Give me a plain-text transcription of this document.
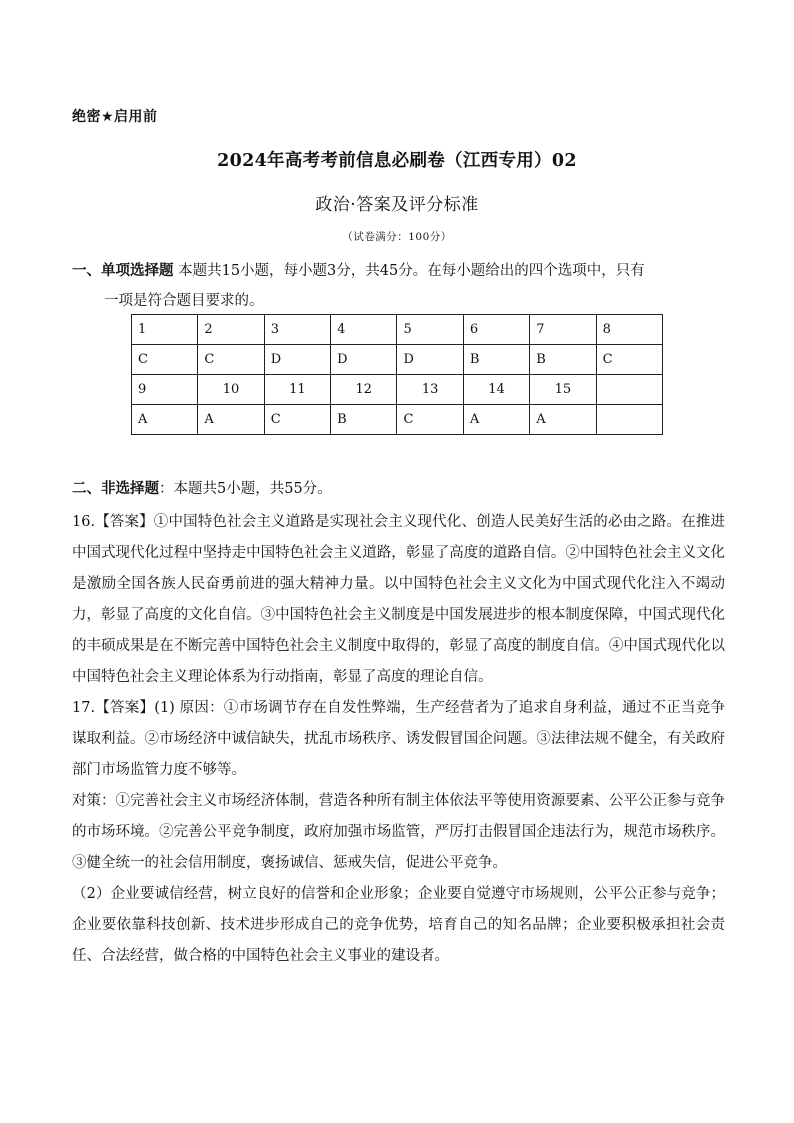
绝密★启用前
2024年高考考前信息必刷卷（江西专用）02
政治·答案及评分标准
（试卷满分：100分）
一、单项选择题 本题共15小题，每小题3分，共45分。在每小题给出的四个选项中，只有
一项是符合题目要求的。
1	2	3	4	5	6	7	8
C	C	D	D	D	B	B	C
9	10	11	12	13	14	15	
A	A	C	B	C	A	A	
二、非选择题：本题共5小题，共55分。

16.【答案】①中国特色社会主义道路是实现社会主义现代化、创造人民美好生活的必由之路。在推进中国式现代化过程中坚持走中国特色社会主义道路，彰显了高度的道路自信。②中国特色社会主义文化是激励全国各族人民奋勇前进的强大精神力量。以中国特色社会主义文化为中国式现代化注入不竭动力，彰显了高度的文化自信。③中国特色社会主义制度是中国发展进步的根本制度保障，中国式现代化的丰硕成果是在不断完善中国特色社会主义制度中取得的，彰显了高度的制度自信。④中国式现代化以中国特色社会主义理论体系为行动指南，彰显了高度的理论自信。

17.【答案】(1) 原因：①市场调节存在自发性弊端，生产经营者为了追求自身利益，通过不正当竞争谋取利益。②市场经济中诚信缺失，扰乱市场秩序、诱发假冒国企问题。③法律法规不健全，有关政府部门市场监管力度不够等。

对策：①完善社会主义市场经济体制，营造各种所有制主体依法平等使用资源要素、公平公正参与竞争的市场环境。②完善公平竞争制度，政府加强市场监管，严厉打击假冒国企违法行为，规范市场秩序。③健全统一的社会信用制度，褒扬诚信、惩戒失信，促进公平竞争。

（2）企业要诚信经营，树立良好的信誉和企业形象；企业要自觉遵守市场规则，公平公正参与竞争；企业要依靠科技创新、技术进步形成自己的竞争优势，培育自己的知名品牌；企业要积极承担社会责任、合法经营，做合格的中国特色社会主义事业的建设者。
